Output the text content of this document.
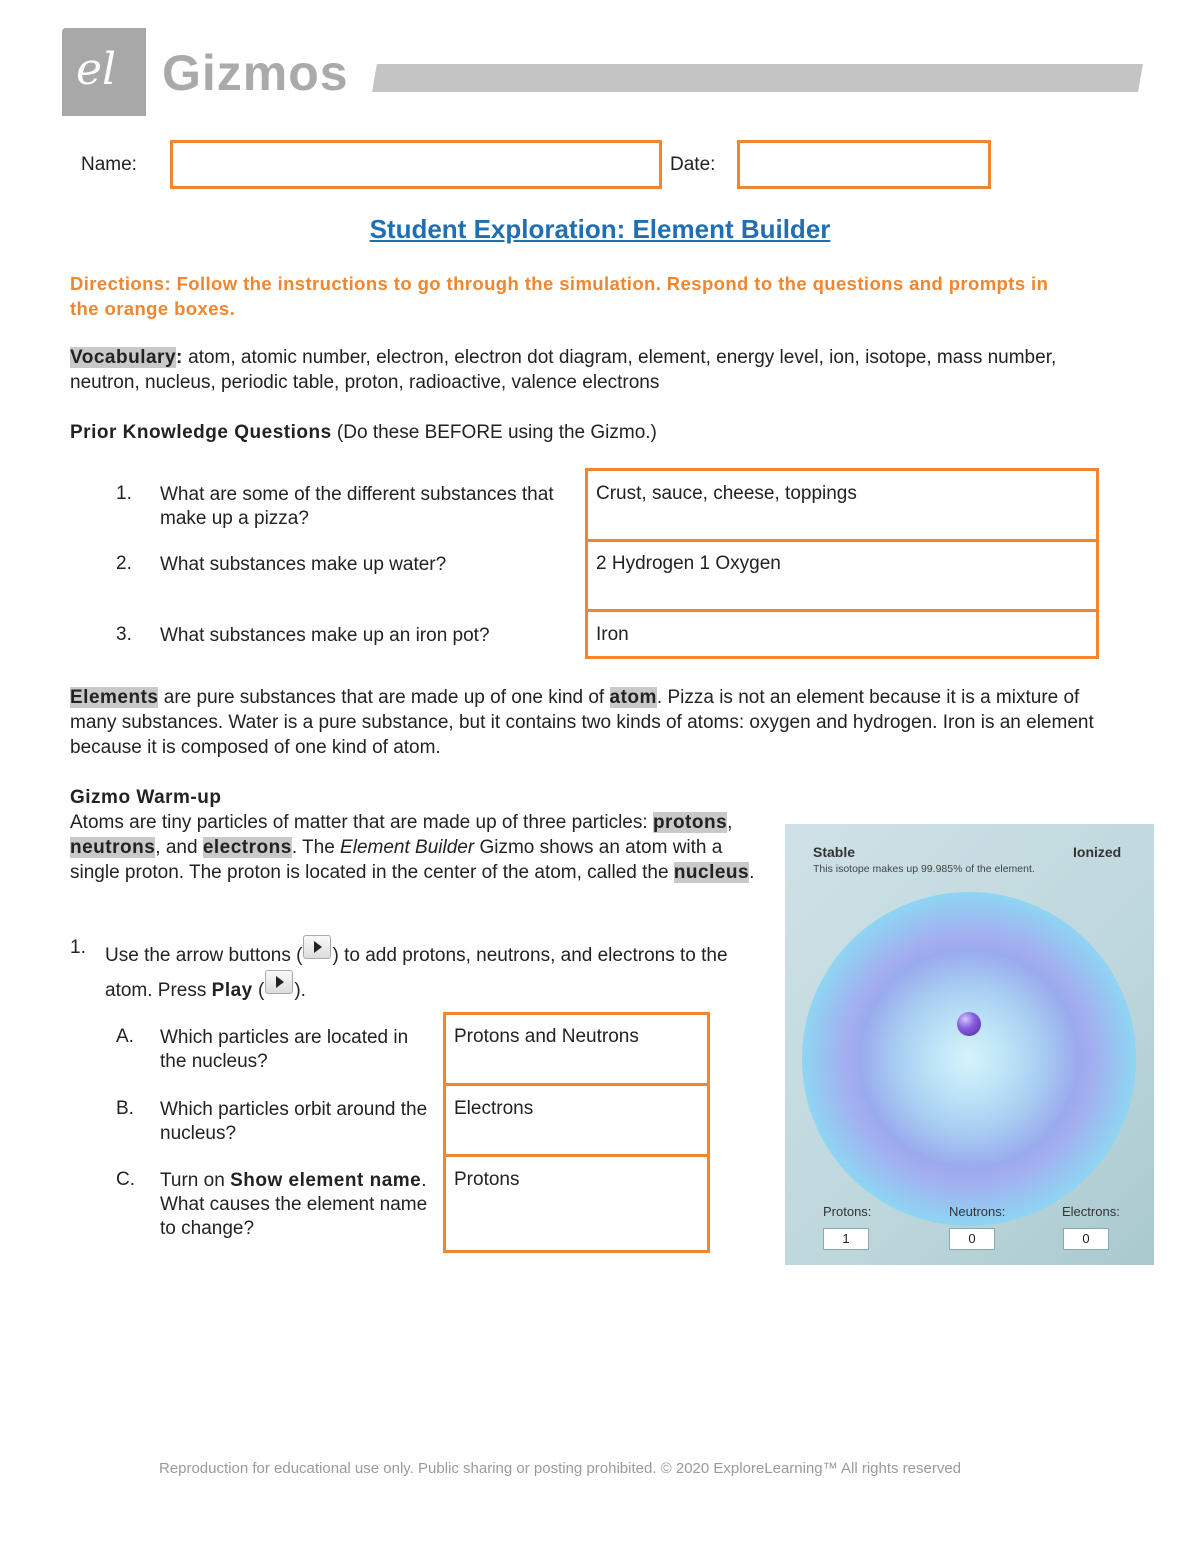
el Gizmos
Name:	Date:
Student Exploration: Element Builder
Directions: Follow the instructions to go through the simulation. Respond to the questions and prompts in the orange boxes.
Vocabulary: atom, atomic number, electron, electron dot diagram, element, energy level, ion, isotope, mass number, neutron, nucleus, periodic table, proton, radioactive, valence electrons
Prior Knowledge Questions (Do these BEFORE using the Gizmo.)
1. What are some of the different substances that make up a pizza?
2. What substances make up water?
3. What substances make up an iron pot?
Crust, sauce, cheese, toppings
2 Hydrogen 1 Oxygen
Iron
Elements are pure substances that are made up of one kind of atom. Pizza is not an element because it is a mixture of many substances. Water is a pure substance, but it contains two kinds of atoms: oxygen and hydrogen. Iron is an element because it is composed of one kind of atom.
Gizmo Warm-up
Atoms are tiny particles of matter that are made up of three particles: protons, neutrons, and electrons. The Element Builder Gizmo shows an atom with a single proton. The proton is located in the center of the atom, called the nucleus.
1. Use the arrow buttons ( ) to add protons, neutrons, and electrons to the atom. Press Play ( ).
A. Which particles are located in the nucleus?
B. Which particles orbit around the nucleus?
C. Turn on Show element name. What causes the element name to change?
Protons and Neutrons
Electrons
Protons
Stable	Ionized
This isotope makes up 99.985% of the element.
Protons:
1
Neutrons:
0
Electrons:
0
Reproduction for educational use only. Public sharing or posting prohibited. © 2020 ExploreLearning™ All rights reserved
